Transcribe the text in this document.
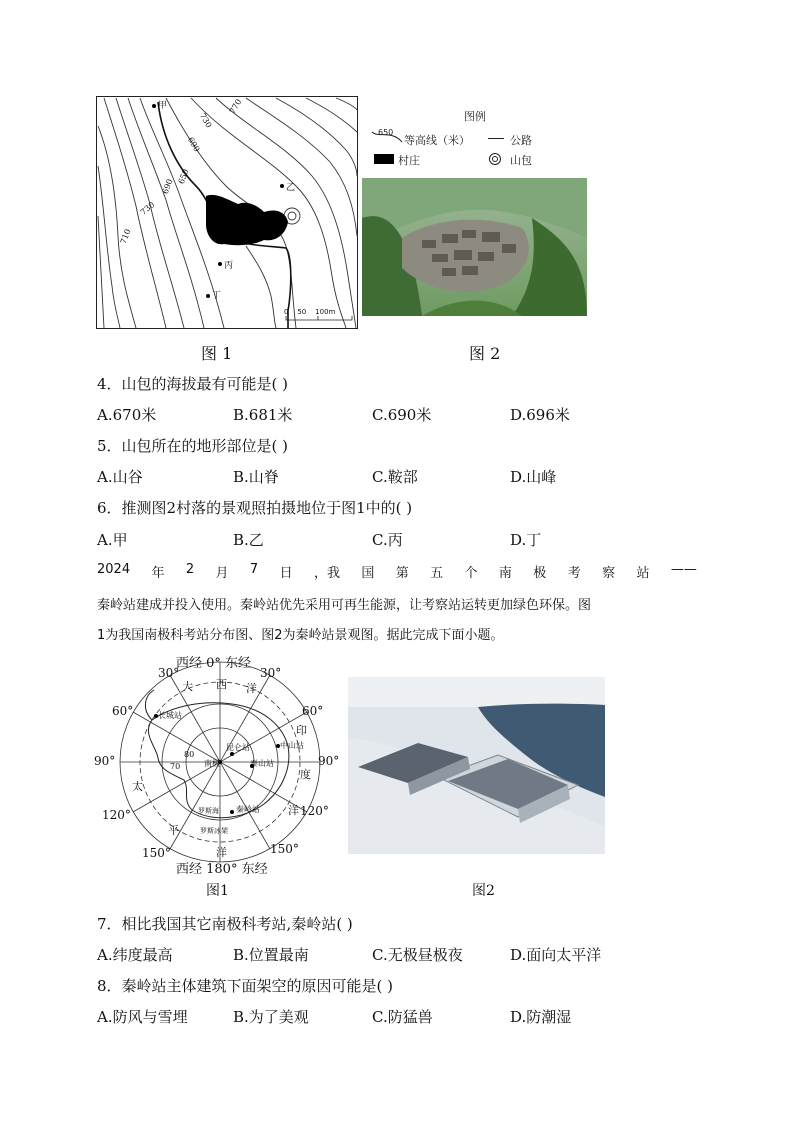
甲
乙
丙
丁
730
770
690
650
690
730
710
0    50    100m
图例
650
等高线（米）	公路
村庄	山包
图 1	图 2
4．山包的海拔最有可能是( )
A.670米	B.681米	C.690米	D.696米
5．山包所在的地形部位是( )
A.山谷	B.山脊	C.鞍部	D.山峰
6．推测图2村落的景观照拍摄地位于图1中的( )
A.甲	B.乙	C.丙	D.丁
2024 年 2 月 7 日 ，我 国 第 五 个 南 极 考 察 站 ——
秦岭站建成并投入使用。秦岭站优先采用可再生能源，让考察站运转更加绿色环保。图
1为我国南极科考站分布图、图2为秦岭站景观图。据此完成下面小题。
西经 0° 东经
西经 180° 东经
30°	30°
60°	60°
90°	90°
120°	120°
150°	150°
大 西 洋
印
度
洋
太
平
洋
长城站
中山站
昆仑站
泰山站
秦岭站
南极
罗斯海
罗斯冰架
70
80
图1	图2
7．相比我国其它南极科考站,秦岭站( )
A.纬度最高	B.位置最南	C.无极昼极夜	D.面向太平洋
8．秦岭站主体建筑下面架空的原因可能是( )
A.防风与雪埋	B.为了美观	C.防猛兽	D.防潮湿
